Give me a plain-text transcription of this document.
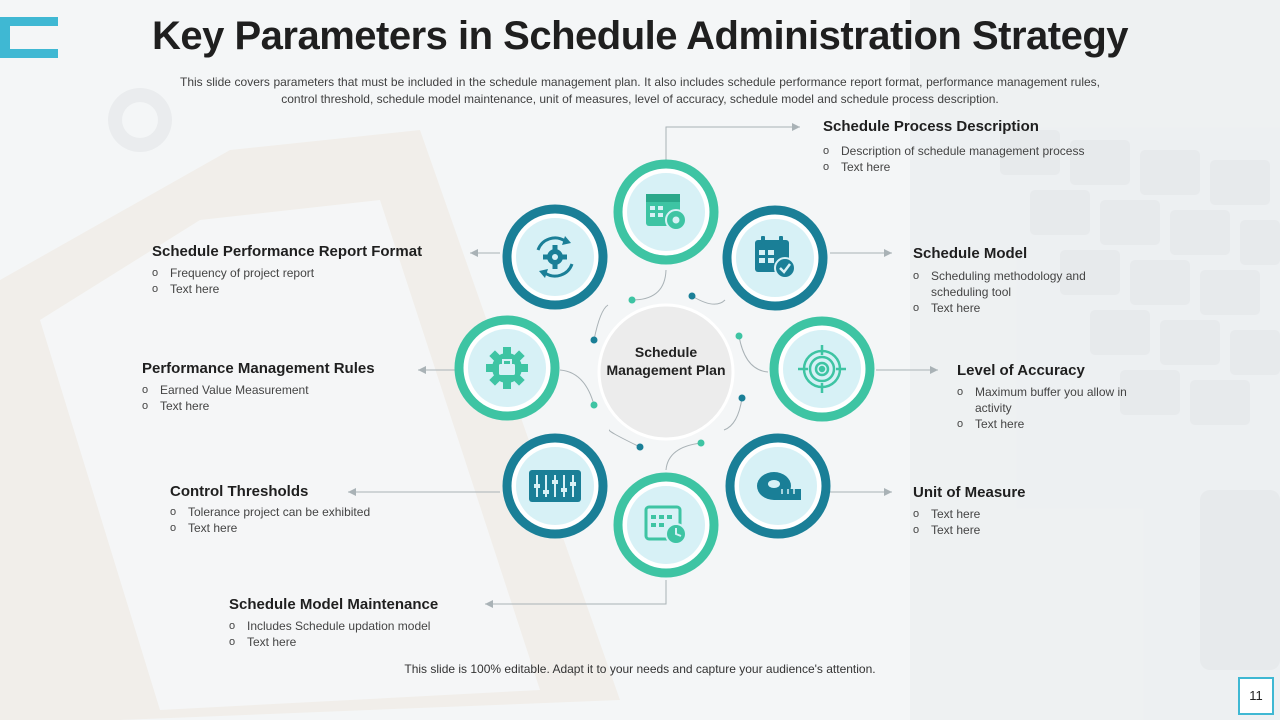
Key Parameters in Schedule Administration Strategy
This slide covers parameters that must be included in the schedule management plan. It also includes schedule performance report format, performance management rules, control threshold, schedule model maintenance, unit of measures, level of accuracy, schedule model and schedule process description.
Schedule Management Plan
Schedule Process Description
o Description of schedule management process
o Text here
Schedule Model
o Scheduling methodology and scheduling tool
o Text here
Level of Accuracy
o Maximum buffer you allow in activity
o Text here
Unit of Measure
o Text here
o Text here
Schedule Model Maintenance
o Includes Schedule updation model
o Text here
Control Thresholds
o Tolerance project can be exhibited
o Text here
Performance Management Rules
o Earned Value Measurement
o Text here
Schedule Performance Report Format
o Frequency of project report
o Text here
This slide is 100% editable. Adapt it to your needs and capture your audience's attention.
11
